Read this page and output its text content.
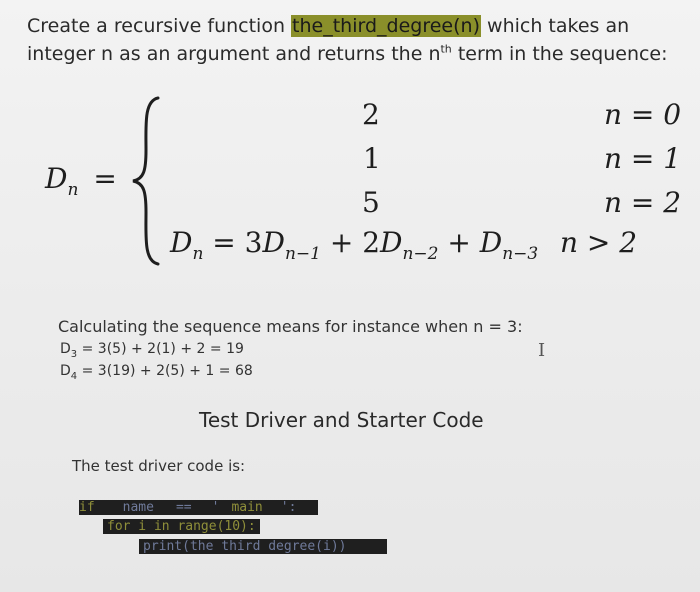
Create a recursive function the_third_degree(n) which takes an
integer n as an argument and returns the $n^{th}$ term in the sequence:
$D_n$ =
2	n = 0
1	n = 1
5	n = 2
$D_n = 3D_{n-1} + 2D_{n-2} + D_{n-3}$ n > 2
Calculating the sequence means for instance when n = 3:
$D_3 = 3(5) + 2(1) + 2 = 19$
$D_4 = 3(19) + 2(5) + 1 = 68$
I
Test Driver and Starter Code
The test driver code is:
if name == ' main ':
for i in range(10):
print(the third degree(i))
